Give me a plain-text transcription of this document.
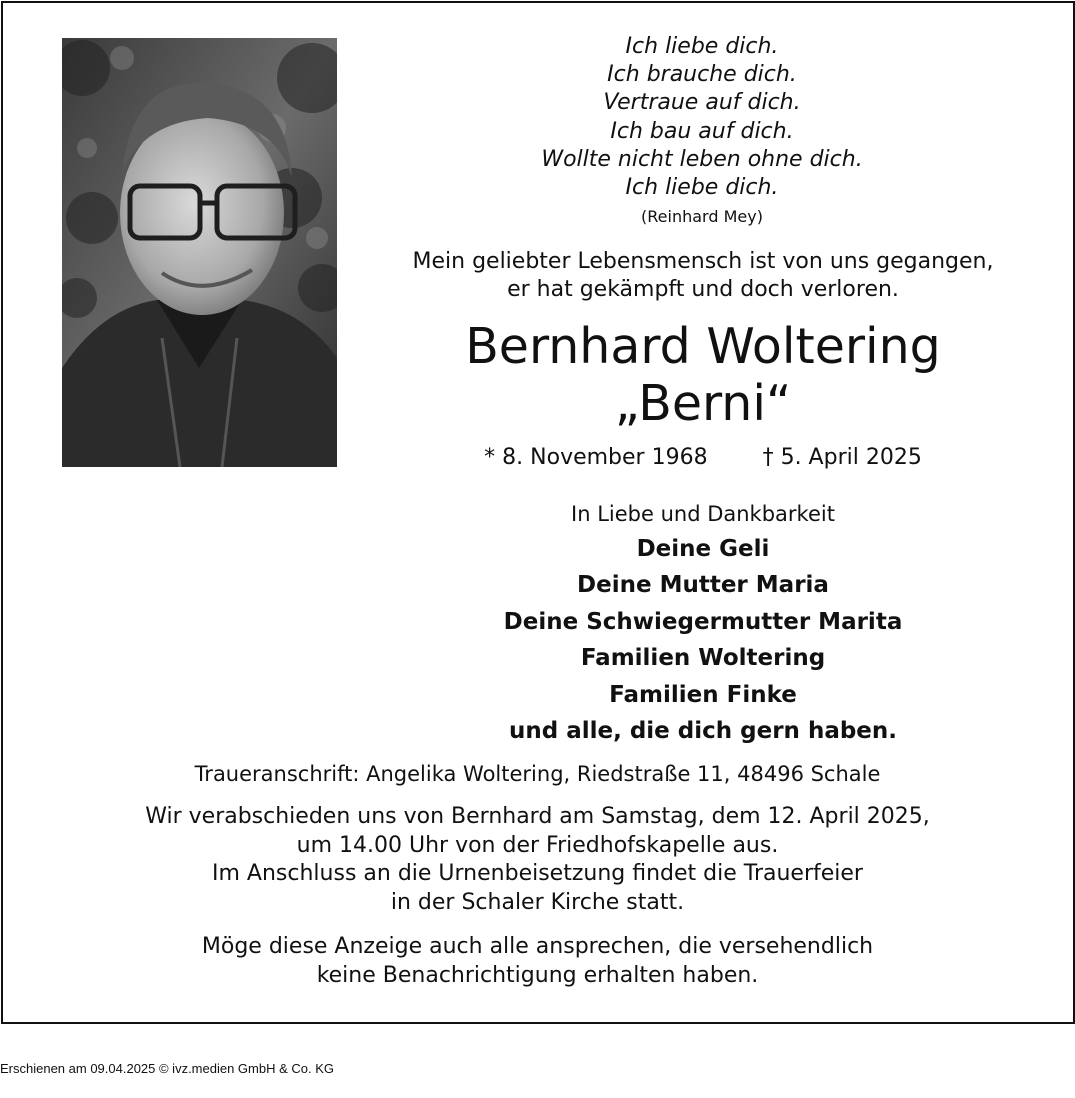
Ich liebe dich.
Ich brauche dich.
Vertraue auf dich.
Ich bau auf dich.
Wollte nicht leben ohne dich.
Ich liebe dich.
(Reinhard Mey)
Mein geliebter Lebensmensch ist von uns gegangen,
er hat gekämpft und doch verloren.
Bernhard Woltering
„Berni“
* 8. November 1968	† 5. April 2025
In Liebe und Dankbarkeit
Deine Geli
Deine Mutter Maria
Deine Schwiegermutter Marita
Familien Woltering
Familien Finke
und alle, die dich gern haben.
Traueranschrift: Angelika Woltering, Riedstraße 11, 48496 Schale
Wir verabschieden uns von Bernhard am Samstag, dem 12. April 2025,
um 14.00 Uhr von der Friedhofskapelle aus.
Im Anschluss an die Urnenbeisetzung findet die Trauerfeier
in der Schaler Kirche statt.
Möge diese Anzeige auch alle ansprechen, die versehendlich
keine Benachrichtigung erhalten haben.
Erschienen am 09.04.2025 © ivz.medien GmbH & Co. KG
